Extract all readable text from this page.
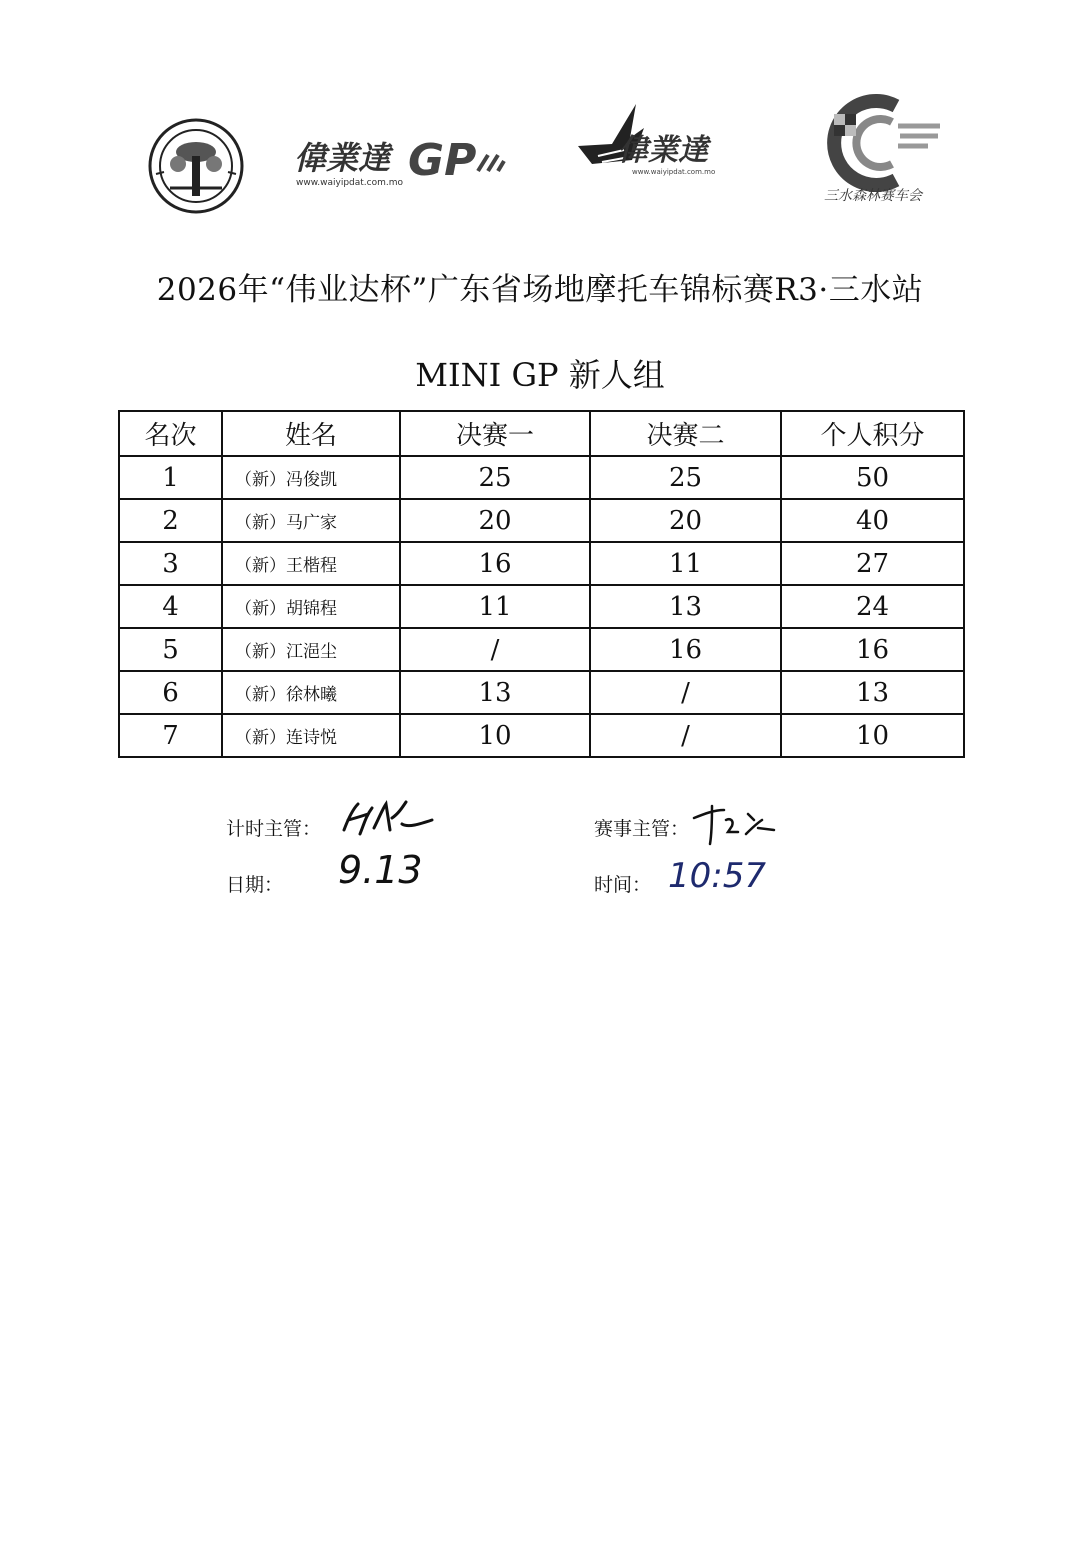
偉業達 GP
www.waiyipdat.com.mo
偉業達
www.waiyipdat.com.mo
三水森林赛车会
2026年“伟业达杯”广东省场地摩托车锦标赛R3·三水站
MINI GP 新人组
名次	姓名	决赛一	决赛二	个人积分
1	（新）冯俊凯	25	25	50
2	（新）马广家	20	20	40
3	（新）王楷程	16	11	27
4	（新）胡锦程	11	13	24
5	（新）江浥尘	/	16	16
6	（新）徐林曦	13	/	13
7	（新）连诗悦	10	/	10
计时主管：	赛事主管：
日期： 9.13	时间： 10:57
